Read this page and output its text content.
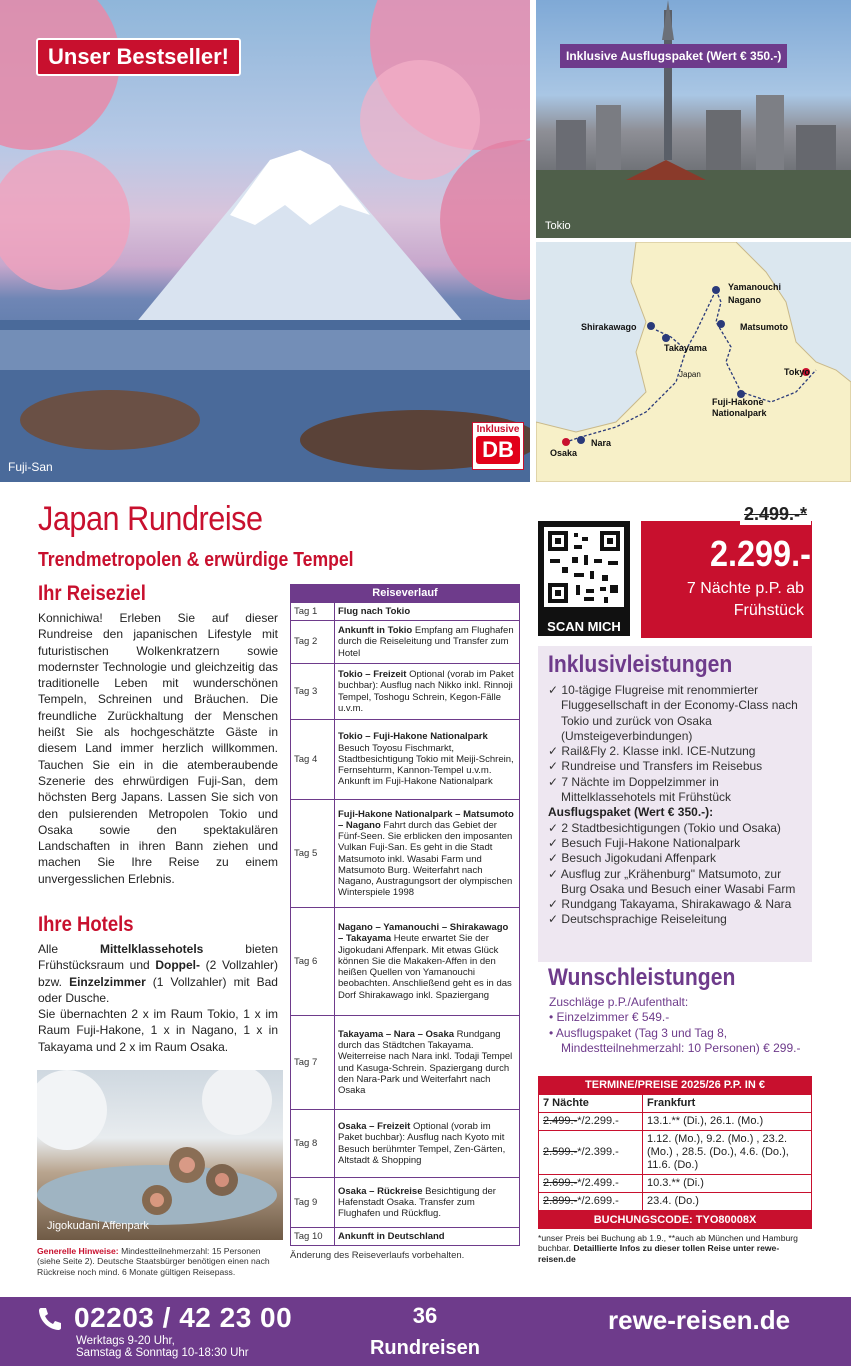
Unser Bestseller!
Fuji-San
Inklusive
DB
Inklusive Ausflugspaket (Wert € 350.-)
Tokio
Yamanouchi
Nagano
Matsumoto
Shirakawago
Takayama
Japan	Tokyo
Fuji-Hakone
Nationalpark
Nara
Osaka
Japan Rundreise
Trendmetropolen & erwürdige Tempel
Ihr Reiseziel
Konnichiwa! Erleben Sie auf dieser Rundreise den japanischen Lifestyle mit futuristischen Wolkenkratzern sowie modernster Technologie und gleichzeitig das traditionelle Leben mit wunderschönen Tempeln, Schreinen und Bräuchen. Die freundliche Zurückhaltung der Menschen heißt Sie als hochgeschätzte Gäste in diesem Land immer herzlich willkommen. Tauchen Sie ein in die atemberaubende Szenerie des ehrwürdigen Fuji-San, dem höchsten Berg Japans. Lassen Sie sich von den pulsierenden Metropolen Tokio und Osaka sowie den spektakulären Landschaften in ihren Bann ziehen und machen Sie Ihre Reise zu einem unvergesslichen Erlebnis.
Ihre Hotels
Alle Mittelklassehotels bieten Frühstücksraum und Doppel- (2 Vollzahler) bzw. Einzelzimmer (1 Vollzahler) mit Bad oder Dusche.
Sie übernachten 2 x im Raum Tokio, 1 x im Raum Fuji-Hakone, 1 x in Nagano, 1 x in Takayama und 2 x im Raum Osaka.
Jigokudani Affenpark
Generelle Hinweise: Mindestteilnehmerzahl: 15 Personen (siehe Seite 2). Deutsche Staatsbürger benötigen einen nach Rückreise noch mind. 6 Monate gültigen Reisepass.
Reiseverlauf
Tag 1	Flug nach Tokio
Tag 2	Ankunft in Tokio Empfang am Flughafen durch die Reiseleitung und Transfer zum Hotel
Tag 3	Tokio – Freizeit Optional (vorab im Paket buchbar): Ausflug nach Nikko inkl. Rinnoji Tempel, Toshogu Schrein, Kegon-Fälle u.v.m.
Tag 4	Tokio – Fuji-Hakone Nationalpark Besuch Toyosu Fischmarkt, Stadtbesichtigung Tokio mit Meiji-Schrein, Fernsehturm, Kannon-Tempel u.v.m. Ankunft im Fuji-Hakone Nationalpark
Tag 5	Fuji-Hakone Nationalpark – Matsumoto – Nagano Fahrt durch das Gebiet der Fünf-Seen. Sie erblicken den imposanten Vulkan Fuji-San. Es geht in die Stadt Matsumoto inkl. Wasabi Farm und Matsumoto Burg. Weiterfahrt nach Nagano, Austragungsort der olympischen Winterspiele 1998
Tag 6	Nagano – Yamanouchi – Shirakawago – Takayama Heute erwartet Sie der Jigokudani Affenpark. Mit etwas Glück können Sie die Makaken-Affen in den heißen Quellen von Yamanouchi beobachten. Anschließend geht es in das Dorf Shirakawago inkl. Spaziergang
Tag 7	Takayama – Nara – Osaka Rundgang durch das Städtchen Takayama. Weiterreise nach Nara inkl. Todaji Tempel und Kasuga-Schrein. Spaziergang durch den Nara-Park und Weiterfahrt nach Osaka
Tag 8	Osaka – Freizeit Optional (vorab im Paket buchbar): Ausflug nach Kyoto mit Besuch berühmter Tempel, Zen-Gärten, Altstadt & Shopping
Tag 9	Osaka – Rückreise Besichtigung der Hafenstadt Osaka. Transfer zum Flughafen und Rückflug.
Tag 10	Ankunft in Deutschland
Änderung des Reiseverlaufs vorbehalten.
SCAN MICH
2.499.-*
2.299.-
7 Nächte p.P. ab
Frühstück
Inklusivleistungen
✓ 10-tägige Flugreise mit renommierter Fluggesellschaft in der Economy-Class nach Tokio und zurück von Osaka (Umsteigeverbindungen)
✓ Rail&Fly 2. Klasse inkl. ICE-Nutzung
✓ Rundreise und Transfers im Reisebus
✓ 7 Nächte im Doppelzimmer in Mittelklassehotels mit Frühstück
Ausflugspaket (Wert € 350.-):
✓ 2 Stadtbesichtigungen (Tokio und Osaka)
✓ Besuch Fuji-Hakone Nationalpark
✓ Besuch Jigokudani Affenpark
✓ Ausflug zur „Krähenburg" Matsumoto, zur Burg Osaka und Besuch einer Wasabi Farm
✓ Rundgang Takayama, Shirakawago & Nara
✓ Deutschsprachige Reiseleitung
Wunschleistungen
Zuschläge p.P./Aufenthalt:
• Einzelzimmer € 549.-
• Ausflugspaket (Tag 3 und Tag 8, Mindestteilnehmerzahl: 10 Personen) € 299.-
TERMINE/PREISE 2025/26 P.P. IN €
7 Nächte	Frankfurt
2.499.-*/2.299.-	13.1.** (Di.), 26.1. (Mo.)
2.599.-*/2.399.-	1.12. (Mo.), 9.2. (Mo.) , 23.2. (Mo.) , 28.5. (Do.), 4.6. (Do.), 11.6. (Do.)
2.699.-*/2.499.-	10.3.** (Di.)
2.899.-*/2.699.-	23.4. (Do.)
BUCHUNGSCODE: TYO80008X
*unser Preis bei Buchung ab 1.9., **auch ab München und Hamburg buchbar. Detaillierte Infos zu dieser tollen Reise unter rewe-reisen.de
02203 / 42 23 00
Werktags 9-20 Uhr,
Samstag & Sonntag 10-18:30 Uhr
36
Rundreisen
rewe-reisen.de
